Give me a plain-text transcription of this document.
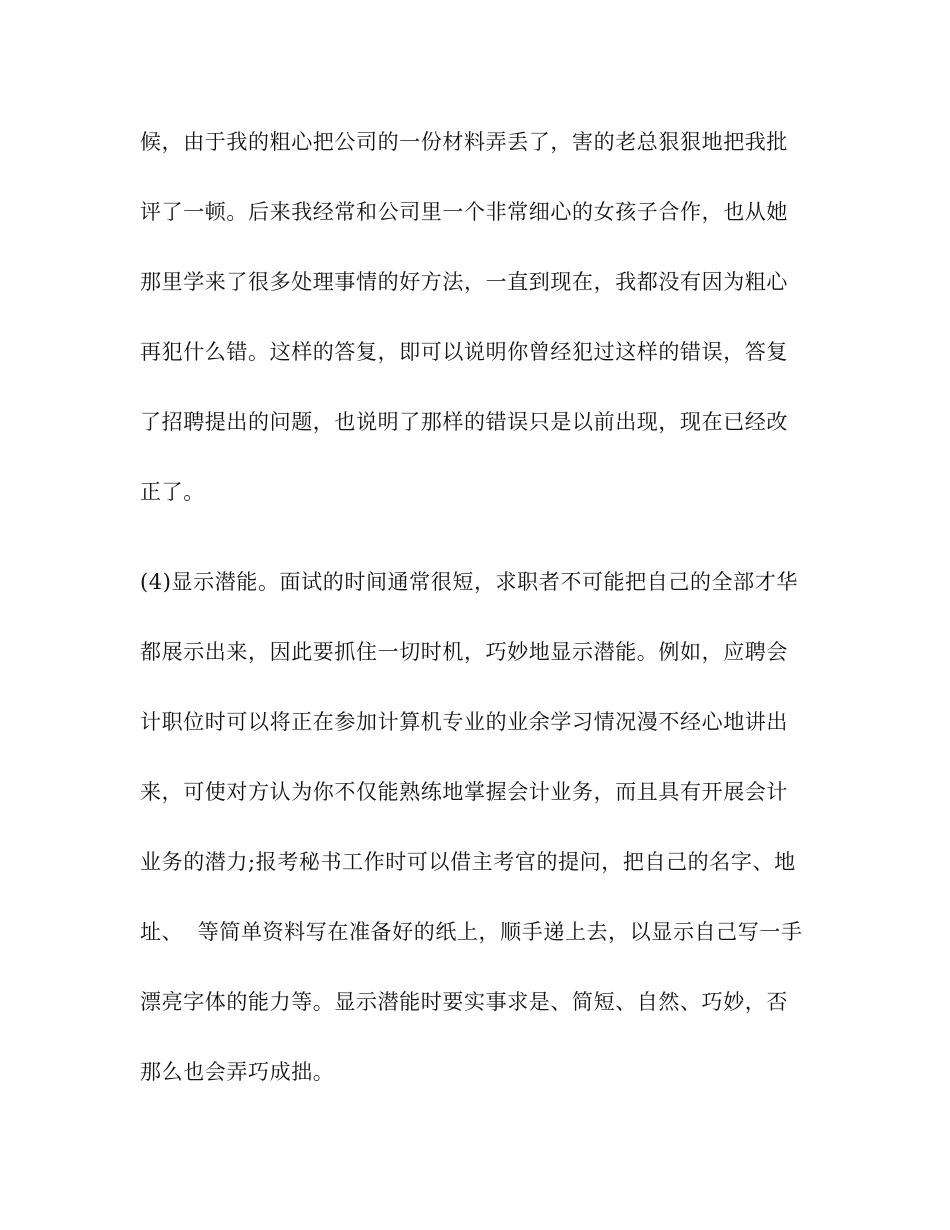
候，由于我的粗心把公司的一份材料弄丢了，害的老总狠狠地把我批
评了一顿。后来我经常和公司里一个非常细心的女孩子合作，也从她
那里学来了很多处理事情的好方法，一直到现在，我都没有因为粗心
再犯什么错。这样的答复，即可以说明你曾经犯过这样的错误，答复
了招聘提出的问题，也说明了那样的错误只是以前出现，现在已经改
正了。
(4)显示潜能。面试的时间通常很短，求职者不可能把自己的全部才华
都展示出来，因此要抓住一切时机，巧妙地显示潜能。例如，应聘会
计职位时可以将正在参加计算机专业的业余学习情况漫不经心地讲出
来，可使对方认为你不仅能熟练地掌握会计业务，而且具有开展会计
业务的潜力;报考秘书工作时可以借主考官的提问，把自己的名字、地
址、  等简单资料写在准备好的纸上，顺手递上去，以显示自己写一手
漂亮字体的能力等。显示潜能时要实事求是、简短、自然、巧妙，否
那么也会弄巧成拙。
